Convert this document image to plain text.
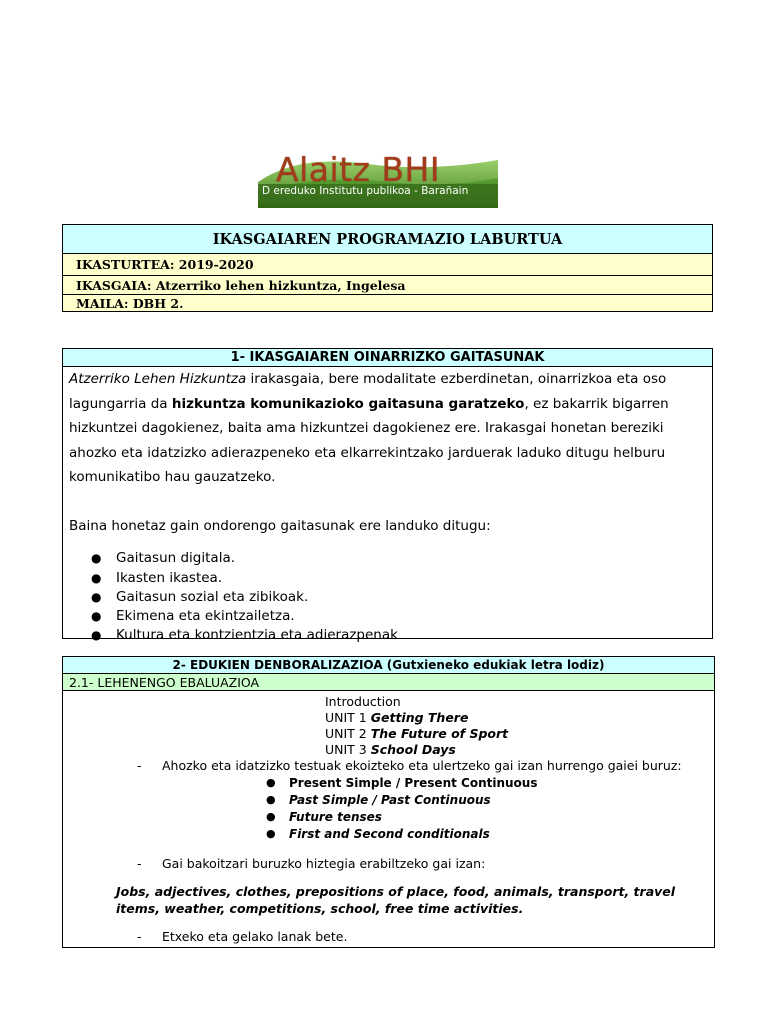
Alaitz BHI
D ereduko Institutu publikoa - Barañain
IKASGAIAREN PROGRAMAZIO LABURTUA
IKASTURTEA: 2019-2020
IKASGAIA: Atzerriko lehen hizkuntza, Ingelesa
MAILA: DBH 2.
1- IKASGAIAREN OINARRIZKO GAITASUNAK

Atzerriko Lehen Hizkuntza irakasgaia, bere modalitate ezberdinetan, oinarrizkoa eta oso lagungarria da hizkuntza komunikazioko gaitasuna garatzeko, ez bakarrik bigarren hizkuntzei dagokienez, baita ama hizkuntzei dagokienez ere. Irakasgai honetan bereziki ahozko eta idatzizko adierazpeneko eta elkarrekintzako jarduerak laduko ditugu helburu komunikatibo hau gauzatzeko.

Baina honetaz gain ondorengo gaitasunak ere landuko ditugu:

●	Gaitasun digitala.
●	Ikasten ikastea.
●	Gaitasun sozial eta zibikoak.
●	Ekimena eta ekintzailetza.
●	Kultura eta kontzientzia eta adierazpenak
2- EDUKIEN DENBORALIZAZIOA (Gutxieneko edukiak letra lodiz)
2.1- LEHENENGO EBALUAZIOA
Introduction
UNIT 1 Getting There
UNIT 2 The Future of Sport
UNIT 3 School Days
- Ahozko eta idatzizko testuak ekoizteko eta ulertzeko gai izan hurrengo gaiei buruz:
● Present Simple / Present Continuous
● Past Simple / Past Continuous
● Future tenses
● First and Second conditionals
- Gai bakoitzari buruzko hiztegia erabiltzeko gai izan:
Jobs, adjectives, clothes, prepositions of place, food, animals, transport, travel items, weather, competitions, school, free time activities.
- Etxeko eta gelako lanak bete.
